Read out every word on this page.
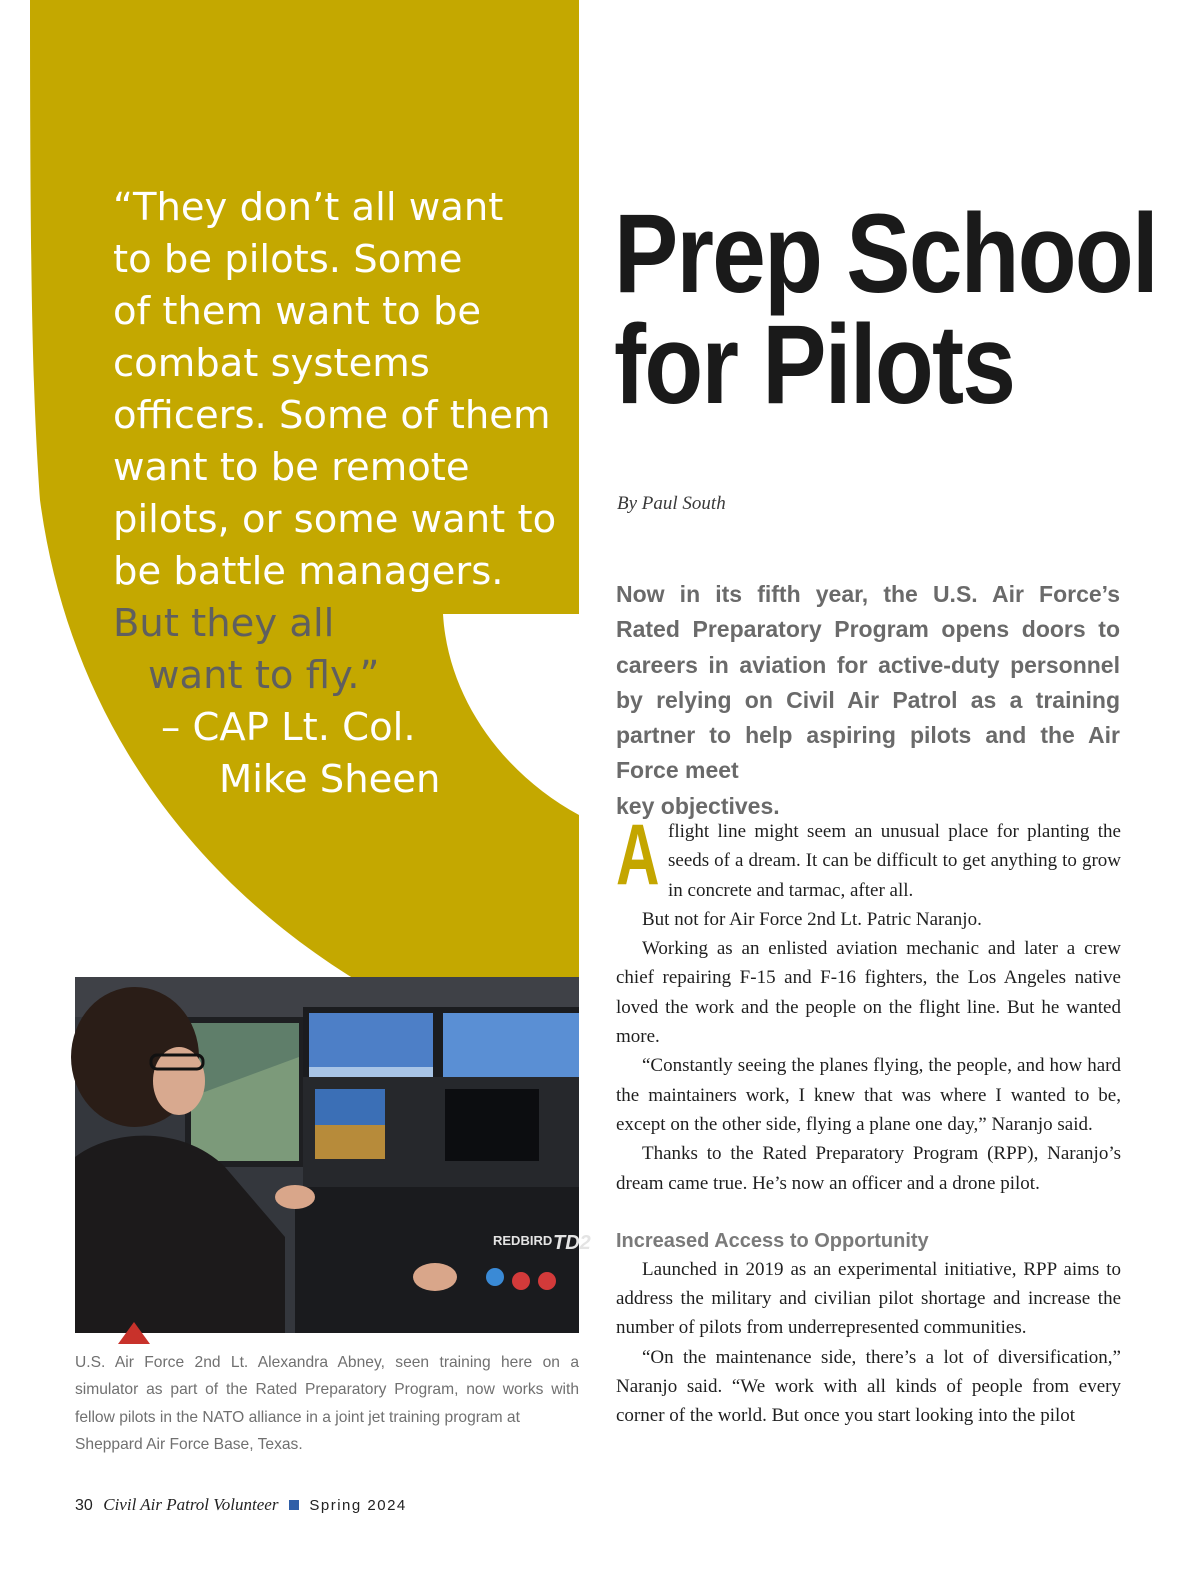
“They don’t all want
to be pilots. Some
of them want to be
combat systems
officers. Some of them
want to be remote
pilots, or some want to
be battle managers.
But they all
want to fly.”
– CAP Lt. Col.
Mike Sheen
Prep School
for Pilots
By Paul South
Now in its fifth year, the U.S. Air Force’s Rated Preparatory Program opens doors to careers in aviation for active-duty personnel by relying on Civil Air Patrol as a training partner to help aspiring pilots and the Air Force meet
key objectives.

Aflight line might seem an unusual place for planting the seeds of a dream. It can be difficult to get anything to grow in concrete and tarmac, after all.

But not for Air Force 2nd Lt. Patric Naranjo.

Working as an enlisted aviation mechanic and later a crew chief repairing F-15 and F-16 fighters, the Los Angeles native loved the work and the people on the flight line. But he wanted more.

“Constantly seeing the planes flying, the people, and how hard the maintainers work, I knew that was where I wanted to be, except on the other side, flying a plane one day,” Naranjo said.

Thanks to the Rated Preparatory Program (RPP), Naranjo’s dream came true. He’s now an officer and a drone pilot.

Increased Access to Opportunity

Launched in 2019 as an experimental initiative, RPP aims to address the military and civilian pilot shortage and increase the number of pilots from underrepresented communities.

“On the maintenance side, there’s a lot of diversification,” Naranjo said. “We work with all kinds of people from every corner of the world. But once you start looking into the pilot

REDBIRD TD2
U.S. Air Force 2nd Lt. Alexandra Abney, seen training here on a simulator as part of the Rated Preparatory Program, now works with fellow pilots in the NATO alliance in a joint jet training program at
Sheppard Air Force Base, Texas.
30 Civil Air Patrol Volunteer Spring 2024
